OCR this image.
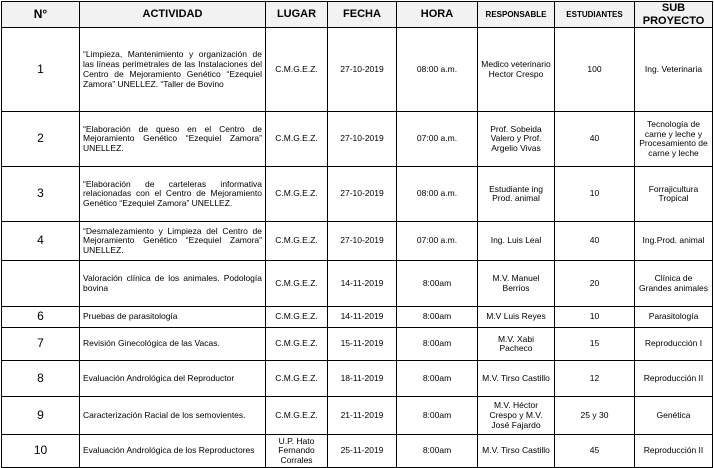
N°	ACTIVIDAD	LUGAR	FECHA	HORA	RESPONSABLE	ESTUDIANTES	SUB PROYECTO
1	“Limpieza, Mantenimiento y organización de las líneas perimetrales de las Instalaciones del Centro de Mejoramiento Genético “Ezequiel Zamora” UNELLEZ. “Taller de Bovino	C.M.G.E.Z.	27-10-2019	08:00 a.m.	Medico veterinario Hector Crespo	100	Ing. Veterinaria
2	“Elaboración de queso en el Centro de Mejoramiento Genético “Ezequiel Zamora” UNELLEZ.	C.M.G.E.Z.	27-10-2019	07:00 a.m.	Prof. Sobeida Valero y Prof. Argelio Vivas	40	Tecnología de carne y leche y Procesamiento de carne y leche
3	“Elaboración de carteleras informativa relacionadas con el Centro de Mejoramiento Genético “Ezequiel Zamora” UNELLEZ.	C.M.G.E.Z.	27-10-2019	08:00 a.m.	Estudiante ing Prod. animal	10	Forrajicultura Tropical
4	“Desmalezamiento y Limpieza del Centro de Mejoramiento Genético “Ezequiel Zamora” UNELLEZ.	C.M.G.E.Z.	27-10-2019	07:00 a.m.	Ing. Luis Leal	40	Ing.Prod. animal
	Valoración clínica de los animales. Podología bovina	C.M.G.E.Z.	14-11-2019	8:00am	M.V. Manuel Berrios	20	Clínica de Grandes animales
6	Pruebas de parasitología	C.M.G.E.Z.	14-11-2019	8:00am	M.V Luis Reyes	10	Parasitología
7	Revisión Ginecológica de las Vacas.	C.M.G.E.Z.	15-11-2019	8:00am	M.V. Xabi Pacheco	15	Reproducción I
8	Evaluación Andrológica del Reproductor	C.M.G.E.Z.	18-11-2019	8:00am	M.V. Tirso Castillo	12	Reproducción II
9	Caracterización Racial de los semovientes.	C.M.G.E.Z.	21-11-2019	8:00am	M.V. Héctor Crespo y M.V. José Fajardo	25 y 30	Genética
10	Evaluación Andrológica de los Reproductores	U.P. Hato Fernando Corrales	25-11-2019	8:00am	M.V. Tirso Castillo	45	Reproducción II
